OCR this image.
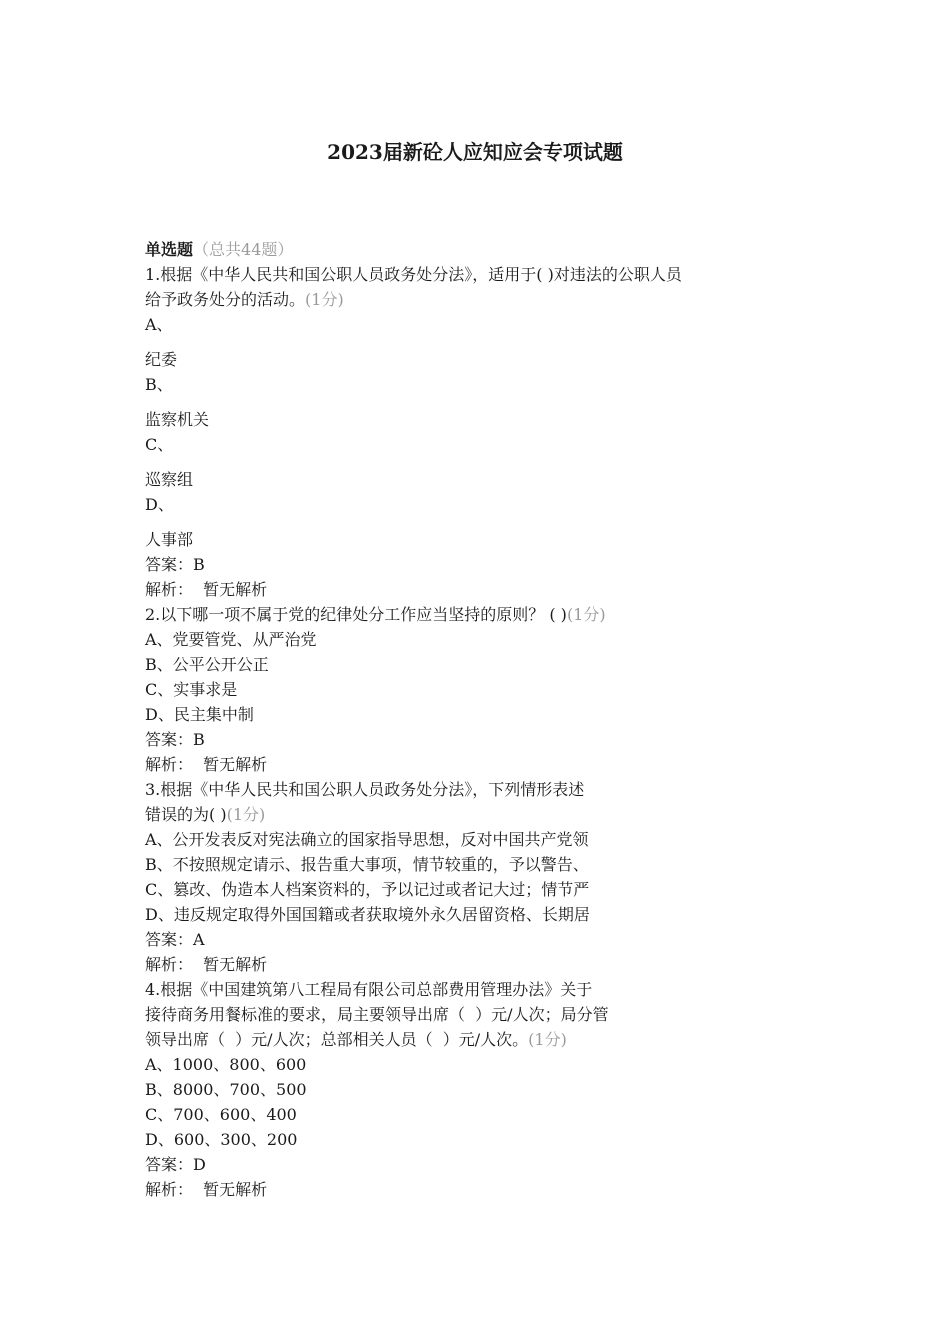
2023届新砼人应知应会专项试题
单选题（总共44题）
1.根据《中华人民共和国公职人员政务处分法》，适用于( )对违法的公职人员
给予政务处分的活动。(1分)
A、
纪委
B、
监察机关
C、
巡察组
D、
人事部
答案：B
解析：  暂无解析
2.以下哪一项不属于党的纪律处分工作应当坚持的原则？ ( )(1分)
A、党要管党、从严治党
B、公平公开公正
C、实事求是
D、民主集中制
答案：B
解析：  暂无解析
3.根据《中华人民共和国公职人员政务处分法》，下列情形表述
错误的为( )(1分)
A、公开发表反对宪法确立的国家指导思想，反对中国共产党领
B、不按照规定请示、报告重大事项，情节较重的，予以警告、
C、篡改、伪造本人档案资料的，予以记过或者记大过；情节严
D、违反规定取得外国国籍或者获取境外永久居留资格、长期居
答案：A
解析：  暂无解析
4.根据《中国建筑第八工程局有限公司总部费用管理办法》关于
接待商务用餐标准的要求，局主要领导出席（  ）元/人次；局分管
领导出席（  ）元/人次；总部相关人员（  ）元/人次。(1分)
A、1000、800、600
B、8000、700、500
C、700、600、400
D、600、300、200
答案：D
解析：  暂无解析
